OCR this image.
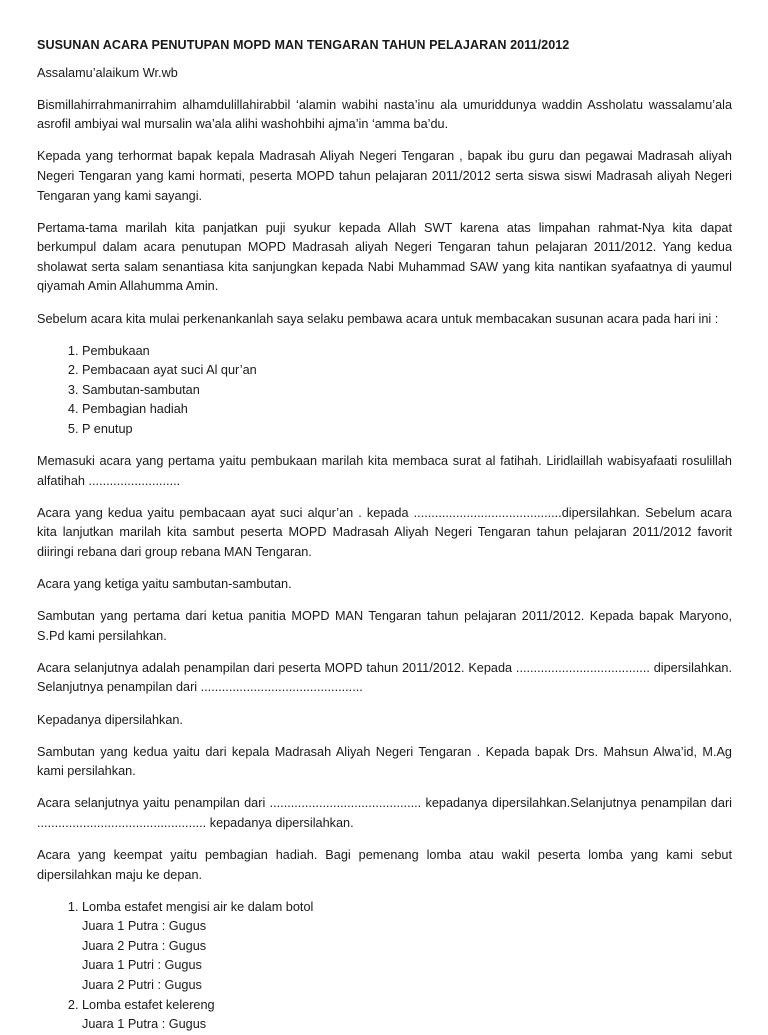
SUSUNAN ACARA PENUTUPAN MOPD MAN TENGARAN TAHUN PELAJARAN 2011/2012

Assalamu’alaikum Wr.wb

Bismillahirrahmanirrahim alhamdulillahirabbil ‘alamin wabihi nasta’inu ala umuriddunya waddin Assholatu wassalamu’ala asrofil ambiyai wal mursalin wa’ala alihi washohbihi ajma’in ‘amma ba’du.

Kepada yang terhormat bapak kepala Madrasah Aliyah Negeri Tengaran , bapak ibu guru dan pegawai Madrasah aliyah Negeri Tengaran yang kami hormati, peserta MOPD tahun pelajaran 2011/2012 serta siswa siswi Madrasah aliyah Negeri Tengaran yang kami sayangi.

Pertama-tama marilah kita panjatkan puji syukur kepada Allah SWT karena atas limpahan rahmat-Nya kita dapat berkumpul dalam acara penutupan MOPD Madrasah aliyah Negeri Tengaran tahun pelajaran 2011/2012. Yang kedua sholawat serta salam senantiasa kita sanjungkan kepada Nabi Muhammad SAW yang kita nantikan syafaatnya di yaumul qiyamah Amin Allahumma Amin.

Sebelum acara kita mulai perkenankanlah saya selaku pembawa acara untuk membacakan susunan acara pada hari ini :

1. Pembukaan
2. Pembacaan ayat suci Al qur’an
3. Sambutan-sambutan
4. Pembagian hadiah
5. P enutup

Memasuki acara yang pertama yaitu pembukaan marilah kita membaca surat al fatihah. Liridlaillah wabisyafaati rosulillah alfatihah ..........................

Acara yang kedua yaitu pembacaan ayat suci alqur’an . kepada ..........................................dipersilahkan. Sebelum acara kita lanjutkan marilah kita sambut peserta MOPD Madrasah Aliyah Negeri Tengaran tahun pelajaran 2011/2012 favorit diiringi rebana dari group rebana MAN Tengaran.

Acara yang ketiga yaitu sambutan-sambutan.

Sambutan yang pertama dari ketua panitia MOPD MAN Tengaran tahun pelajaran 2011/2012. Kepada bapak Maryono, S.Pd kami persilahkan.

Acara selanjutnya adalah penampilan dari peserta MOPD tahun 2011/2012. Kepada ...................................... dipersilahkan. Selanjutnya penampilan dari ..............................................

Kepadanya dipersilahkan.

Sambutan yang kedua yaitu dari kepala Madrasah Aliyah Negeri Tengaran . Kepada bapak Drs. Mahsun Alwa’id, M.Ag kami persilahkan.

Acara selanjutnya yaitu penampilan dari ........................................... kepadanya dipersilahkan.Selanjutnya penampilan dari ................................................ kepadanya dipersilahkan.

Acara yang keempat yaitu pembagian hadiah. Bagi pemenang lomba atau wakil peserta lomba yang kami sebut dipersilahkan maju ke depan.

1. Lomba estafet mengisi air ke dalam botol
Juara 1 Putra : Gugus
Juara 2 Putra : Gugus
Juara 1 Putri : Gugus
Juara 2 Putri : Gugus
2. Lomba estafet kelereng
Juara 1 Putra : Gugus
